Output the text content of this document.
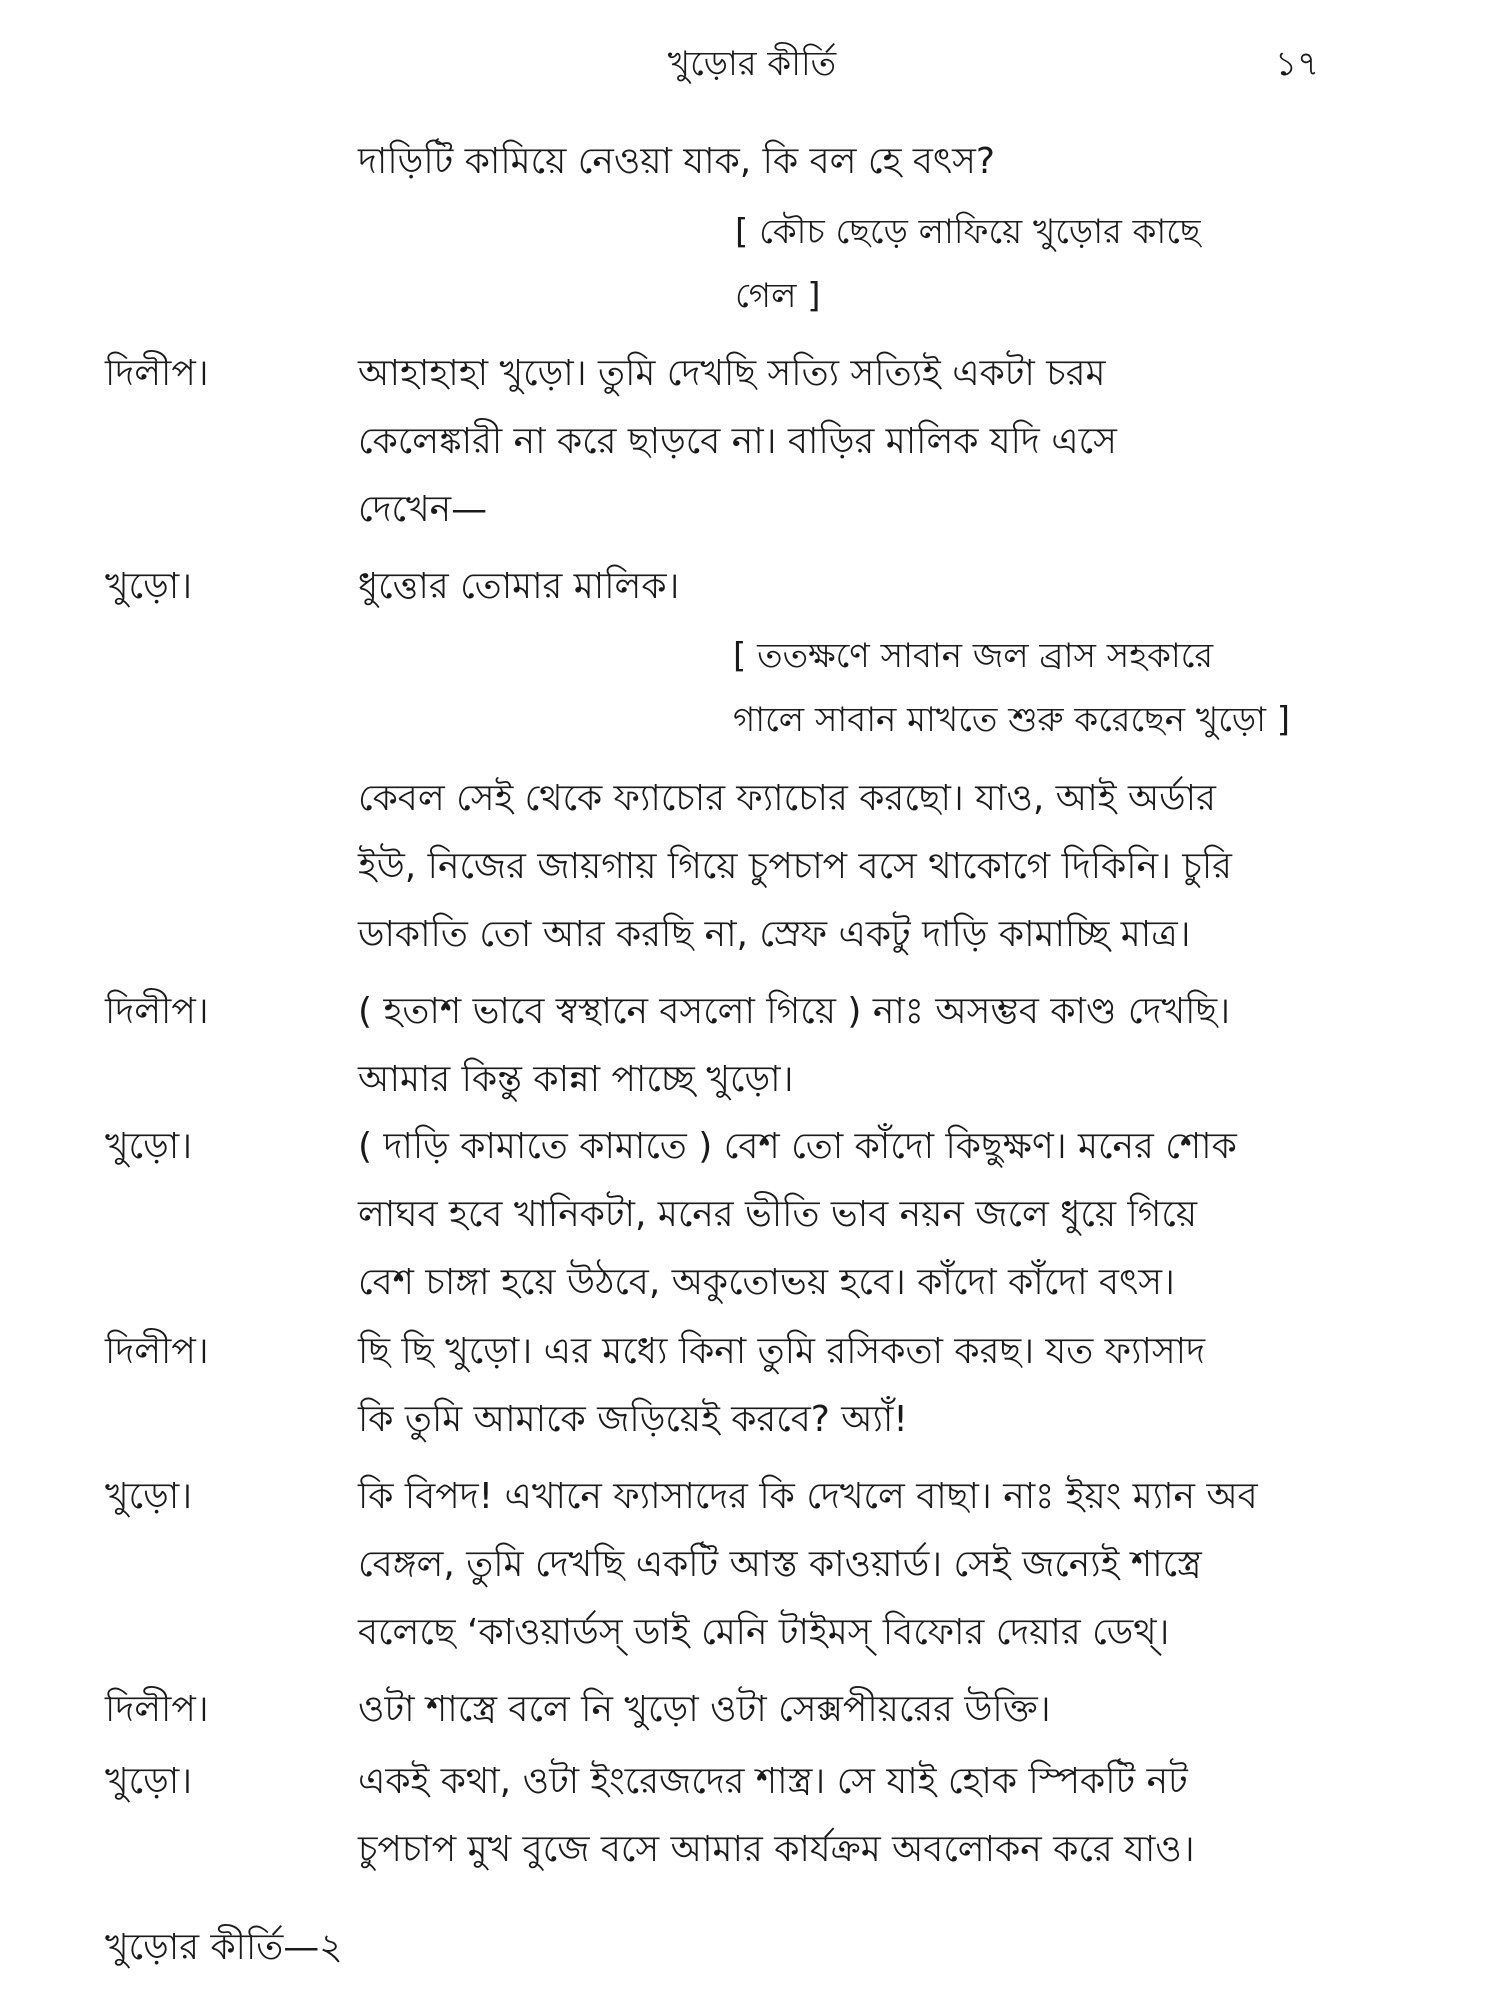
খুড়োর কীর্তি	১৭
দাড়িটি কামিয়ে নেওয়া যাক, কি বল হে বৎস?
[ কৌচ ছেড়ে লাফিয়ে খুড়োর কাছে
গেল ]
দিলীপ।	আহাহাহা খুড়ো। তুমি দেখছি সত্যি সত্যিই একটা চরম
কেলেঙ্কারী না করে ছাড়বে না। বাড়ির মালিক যদি এসে
দেখেন—
খুড়ো।	ধুত্তোর তোমার মালিক।
[ ততক্ষণে সাবান জল ব্রাস সহকারে
গালে সাবান মাখতে শুরু করেছেন খুড়ো ]
কেবল সেই থেকে ফ্যাচোর ফ্যাচোর করছো। যাও, আই অর্ডার
ইউ, নিজের জায়গায় গিয়ে চুপচাপ বসে থাকোগে দিকিনি। চুরি
ডাকাতি তো আর করছি না, স্রেফ একটু দাড়ি কামাচ্ছি মাত্র।
দিলীপ।	( হতাশ ভাবে স্বস্থানে বসলো গিয়ে ) নাঃ অসম্ভব কাণ্ড দেখছি।
আমার কিন্তু কান্না পাচ্ছে খুড়ো।
খুড়ো।	( দাড়ি কামাতে কামাতে ) বেশ তো কাঁদো কিছুক্ষণ। মনের শোক
লাঘব হবে খানিকটা, মনের ভীতি ভাব নয়ন জলে ধুয়ে গিয়ে
বেশ চাঙ্গা হয়ে উঠবে, অকুতোভয় হবে। কাঁদো কাঁদো বৎস।
দিলীপ।	ছি ছি খুড়ো। এর মধ্যে কিনা তুমি রসিকতা করছ। যত ফ্যাসাদ
কি তুমি আমাকে জড়িয়েই করবে? অ্যাঁ!
খুড়ো।	কি বিপদ! এখানে ফ্যাসাদের কি দেখলে বাছা। নাঃ ইয়ং ম্যান অব
বেঙ্গল, তুমি দেখছি একটি আস্ত কাওয়ার্ড। সেই জন্যেই শাস্ত্রে
বলেছে ‘কাওয়ার্ডস্ ডাই মেনি টাইমস্ বিফোর দেয়ার ডেথ্।
দিলীপ।	ওটা শাস্ত্রে বলে নি খুড়ো ওটা সেক্সপীয়রের উক্তি।
খুড়ো।	একই কথা, ওটা ইংরেজদের শাস্ত্র। সে যাই হোক স্পিকটি নট
চুপচাপ মুখ বুজে বসে আমার কার্যক্রম অবলোকন করে যাও।
খুড়োর কীর্তি—২
